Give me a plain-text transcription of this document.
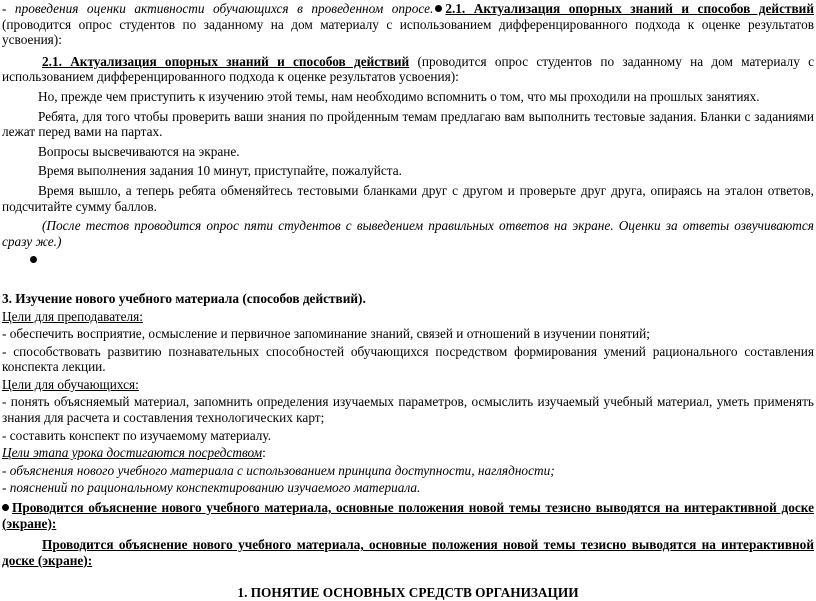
- проведения оценки активности обучающихся в проведенном опросе. 2.1. Актуализация опорных знаний и способов действий (проводится опрос студентов по заданному на дом материалу с использованием дифференцированного подхода к оценке результатов усвоения):

2.1. Актуализация опорных знаний и способов действий (проводится опрос студентов по заданному на дом материалу с использованием дифференцированного подхода к оценке результатов усвоения):

Но, прежде чем приступить к изучению этой темы, нам необходимо вспомнить о том, что мы проходили на прошлых занятиях.

Ребята, для того чтобы проверить ваши знания по пройденным темам предлагаю вам выполнить тестовые задания. Бланки с заданиями лежат перед вами на партах.

Вопросы высвечиваются на экране.

Время выполнения задания 10 минут, приступайте, пожалуйста.

Время вышло, а теперь ребята обменяйтесь тестовыми бланками друг с другом и проверьте друг друга, опираясь на эталон ответов, подсчитайте сумму баллов.

(После тестов проводится опрос пяти студентов с выведением правильных ответов на экране. Оценки за ответы озвучиваются сразу же.)

3. Изучение нового учебного материала (способов действий).

Цели для преподавателя:

- обеспечить восприятие, осмысление и первичное запоминание знаний, связей и отношений в изучении понятий;

- способствовать развитию познавательных способностей обучающихся посредством формирования умений рационального составления конспекта лекции.

Цели для обучающихся:

- понять объясняемый материал, запомнить определения изучаемых параметров, осмыслить изучаемый учебный материал, уметь применять знания для расчета и составления технологических карт;

- составить конспект по изучаемому материалу.

Цели этапа урока достигаются посредством:

- объяснения нового учебного материала с использованием принципа доступности, наглядности;

- пояснений по рациональному конспектированию изучаемого материала.

Проводится объяснение нового учебного материала, основные положения новой темы тезисно выводятся на интерактивной доске (экране):

Проводится объяснение нового учебного материала, основные положения новой темы тезисно выводятся на интерактивной доске (экране):

1. ПОНЯТИЕ ОСНОВНЫХ СРЕДСТВ ОРГАНИЗАЦИИ
